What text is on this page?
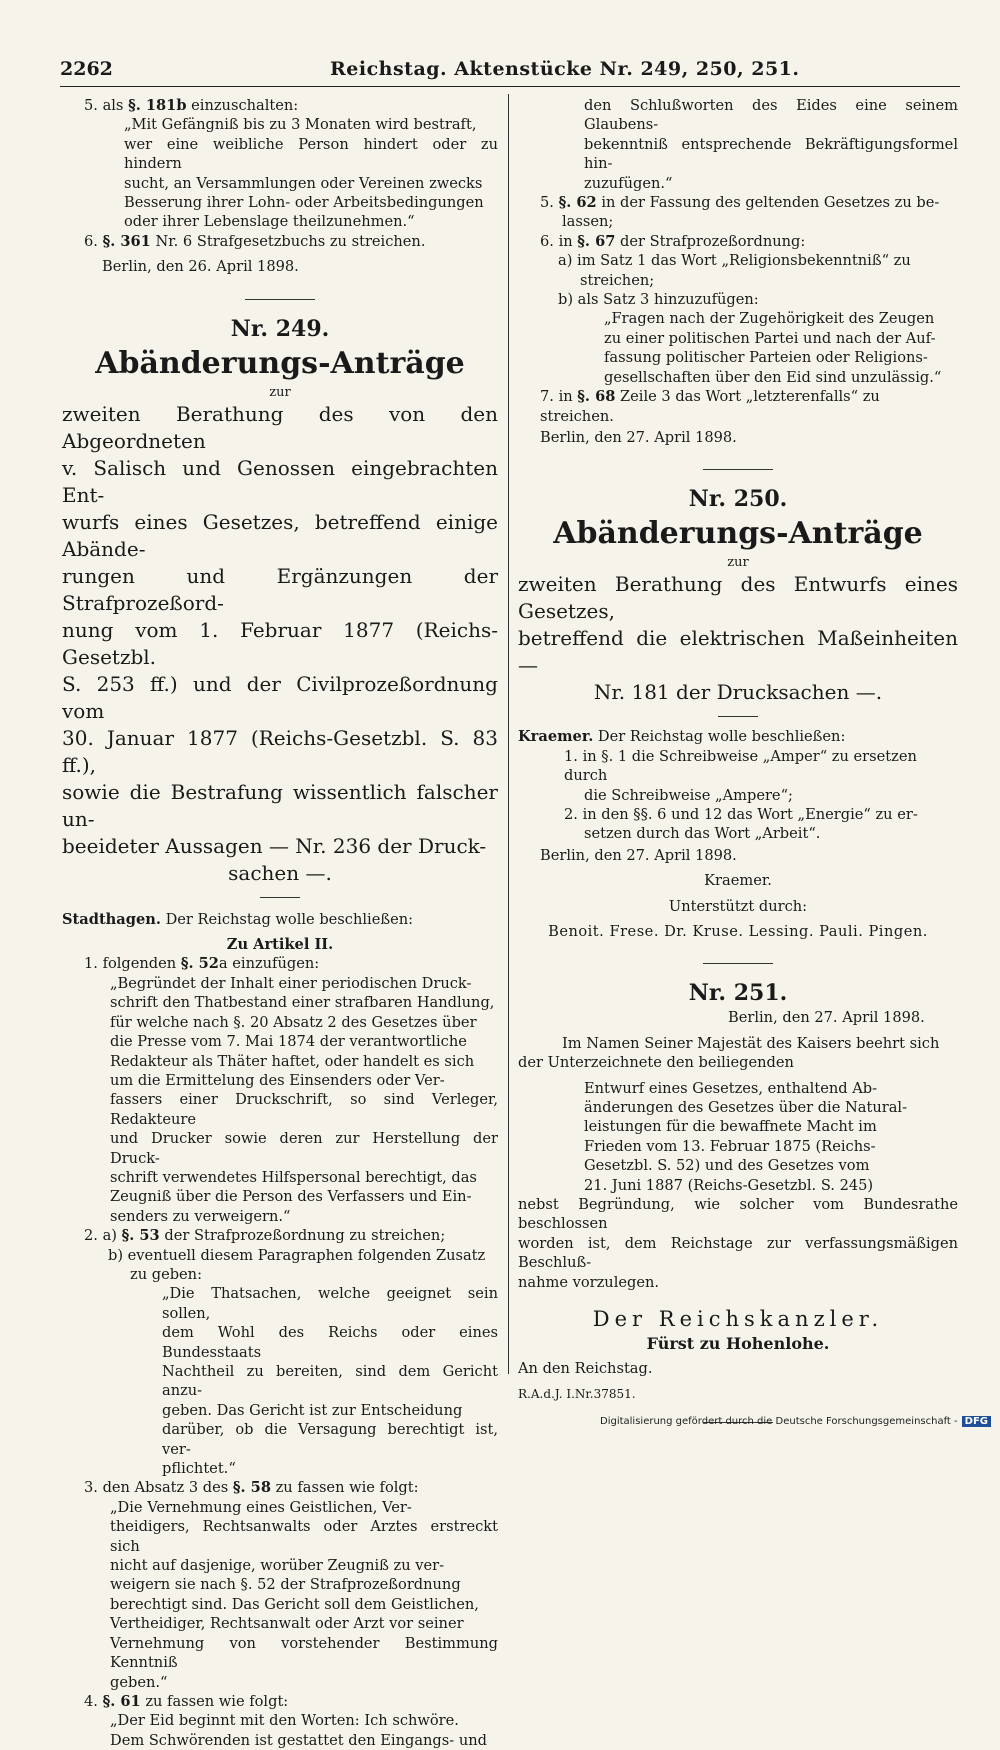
2262	Reichstag. Aktenstücke Nr. 249, 250, 251.

5. als §. 181b einzuschalten:

„Mit Gefängniß bis zu 3 Monaten wird bestraft,

wer eine weibliche Person hindert oder zu hindern

sucht, an Versammlungen oder Vereinen zwecks

Besserung ihrer Lohn- oder Arbeitsbedingungen

oder ihrer Lebenslage theilzunehmen.“

6. §. 361 Nr. 6 Strafgesetzbuchs zu streichen.

Berlin, den 26. April 1898.

Nr. 249.

Abänderungs-Anträge

zur

zweiten Berathung des von den Abgeordneten

v. Salisch und Genossen eingebrachten Ent-

wurfs eines Gesetzes, betreffend einige Abände-

rungen und Ergänzungen der Strafprozeßord-

nung vom 1. Februar 1877 (Reichs-Gesetzbl.

S. 253 ff.) und der Civilprozeßordnung vom

30. Januar 1877 (Reichs-Gesetzbl. S. 83 ff.),

sowie die Bestrafung wissentlich falscher un-

beeideter Aussagen — Nr. 236 der Druck-

sachen —.

Stadthagen. Der Reichstag wolle beschließen:

Zu Artikel II.

1. folgenden §. 52a einzufügen:

„Begründet der Inhalt einer periodischen Druck-

schrift den Thatbestand einer strafbaren Handlung,

für welche nach §. 20 Absatz 2 des Gesetzes über

die Presse vom 7. Mai 1874 der verantwortliche

Redakteur als Thäter haftet, oder handelt es sich

um die Ermittelung des Einsenders oder Ver-

fassers einer Druckschrift, so sind Verleger, Redakteure

und Drucker sowie deren zur Herstellung der Druck-

schrift verwendetes Hilfspersonal berechtigt, das

Zeugniß über die Person des Verfassers und Ein-

senders zu verweigern.“

2. a) §. 53 der Strafprozeßordnung zu streichen;

b) eventuell diesem Paragraphen folgenden Zusatz

zu geben:

„Die Thatsachen, welche geeignet sein sollen,

dem Wohl des Reichs oder eines Bundesstaats

Nachtheil zu bereiten, sind dem Gericht anzu-

geben. Das Gericht ist zur Entscheidung

darüber, ob die Versagung berechtigt ist, ver-

pflichtet.“

3. den Absatz 3 des §. 58 zu fassen wie folgt:

„Die Vernehmung eines Geistlichen, Ver-

theidigers, Rechtsanwalts oder Arztes erstreckt sich

nicht auf dasjenige, worüber Zeugniß zu ver-

weigern sie nach §. 52 der Strafprozeßordnung

berechtigt sind. Das Gericht soll dem Geistlichen,

Vertheidiger, Rechtsanwalt oder Arzt vor seiner

Vernehmung von vorstehender Bestimmung Kenntniß

geben.“

4. §. 61 zu fassen wie folgt:

„Der Eid beginnt mit den Worten: Ich schwöre.

Dem Schwörenden ist gestattet den Eingangs- und

den Schlußworten des Eides eine seinem Glaubens-

bekenntniß entsprechende Bekräftigungsformel hin-

zuzufügen.“

5. §. 62 in der Fassung des geltenden Gesetzes zu be-

lassen;

6. in §. 67 der Strafprozeßordnung:

a) im Satz 1 das Wort „Religionsbekenntniß“ zu

streichen;

b) als Satz 3 hinzuzufügen:

„Fragen nach der Zugehörigkeit des Zeugen

zu einer politischen Partei und nach der Auf-

fassung politischer Parteien oder Religions-

gesellschaften über den Eid sind unzulässig.“

7. in §. 68 Zeile 3 das Wort „letzterenfalls“ zu streichen.

Berlin, den 27. April 1898.

Nr. 250.

Abänderungs-Anträge

zur

zweiten Berathung des Entwurfs eines Gesetzes,

betreffend die elektrischen Maßeinheiten —

Nr. 181 der Drucksachen —.

Kraemer. Der Reichstag wolle beschließen:

1. in §. 1 die Schreibweise „Amper“ zu ersetzen durch

die Schreibweise „Ampere“;

2. in den §§. 6 und 12 das Wort „Energie“ zu er-

setzen durch das Wort „Arbeit“.

Berlin, den 27. April 1898.

Kraemer.

Unterstützt durch:

Benoit. Frese. Dr. Kruse. Lessing. Pauli. Pingen.

Nr. 251.

Berlin, den 27. April 1898.

Im Namen Seiner Majestät des Kaisers beehrt sich

der Unterzeichnete den beiliegenden

Entwurf eines Gesetzes, enthaltend Ab-

änderungen des Gesetzes über die Natural-

leistungen für die bewaffnete Macht im

Frieden vom 13. Februar 1875 (Reichs-

Gesetzbl. S. 52) und des Gesetzes vom

21. Juni 1887 (Reichs-Gesetzbl. S. 245)

nebst Begründung, wie solcher vom Bundesrathe beschlossen

worden ist, dem Reichstage zur verfassungsmäßigen Beschluß-

nahme vorzulegen.

Der Reichskanzler.

Fürst zu Hohenlohe.

An den Reichstag.

R.A.d.J. I.Nr.37851.

Digitalisierung gefördert durch die Deutsche Forschungsgemeinschaft - DFG
